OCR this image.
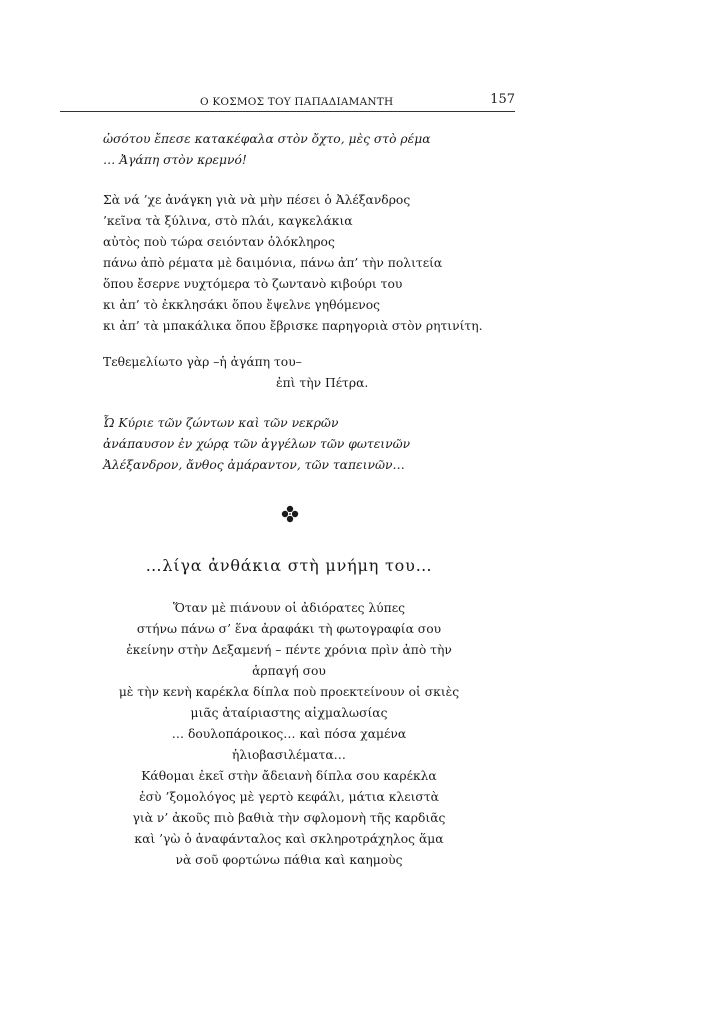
Ο ΚΟΣΜΟΣ ΤΟΥ ΠΑΠΑΔΙΑΜΑΝΤΗ	157
ὡσότου ἔπεσε κατακέφαλα στὸν ὄχτο, μὲς στὸ ρέμα
… Ἀγάπη στὸν κρεμνό!
Σὰ νά ’χε ἀνάγκη γιὰ νὰ μὴν πέσει ὁ Ἀλέξανδρος
’κεῖνα τὰ ξύλινα, στὸ πλάι, καγκελάκια
αὐτὸς ποὺ τώρα σειόνταν ὁλόκληρος
πάνω ἀπὸ ρέματα μὲ δαιμόνια, πάνω ἀπ’ τὴν πολιτεία
ὅπου ἔσερνε νυχτόμερα τὸ ζωντανὸ κιβούρι του
κι ἀπ’ τὸ ἐκκλησάκι ὅπου ἔψελνε γηθόμενος
κι ἀπ’ τὰ μπακάλικα ὅπου ἔβρισκε παρηγοριὰ στὸν ρητινίτη.
Τεθεμελίωτο γὰρ –ἡ ἀγάπη του–
ἐπὶ τὴν Πέτρα.
Ὦ Κύριε τῶν ζώντων καὶ τῶν νεκρῶν
ἀνάπαυσον ἐν χώρᾳ τῶν ἀγγέλων τῶν φωτεινῶν
Ἀλέξανδρον, ἄνθος ἀμάραντον, τῶν ταπεινῶν…
…λίγα ἀνθάκια στὴ μνήμη του…
Ὅταν μὲ πιάνουν οἱ ἀδιόρατες λύπες
στήνω πάνω σ’ ἕνα ἀραφάκι τὴ φωτογραφία σου
ἐκείνην στὴν Δεξαμενή – πέντε χρόνια πρὶν ἀπὸ τὴν
ἁρπαγή σου
μὲ τὴν κενὴ καρέκλα δίπλα ποὺ προεκτείνουν οἱ σκιὲς
μιᾶς ἀταίριαστης αἰχμαλωσίας
… δουλοπάροικος… καὶ πόσα χαμένα
ἡλιοβασιλέματα…
Κάθομαι ἐκεῖ στὴν ἄδειανὴ δίπλα σου καρέκλα
ἐσὺ ’ξομολόγος μὲ γερτὸ κεφάλι, μάτια κλειστὰ
γιὰ ν’ ἀκοῦς πιὸ βαθιὰ τὴν σφλομονὴ τῆς καρδιᾶς
καὶ ’γὼ ὁ ἀναφάνταλος καὶ σκληροτράχηλος ἅμα
νὰ σοῦ φορτώνω πάθια καὶ καημοὺς
